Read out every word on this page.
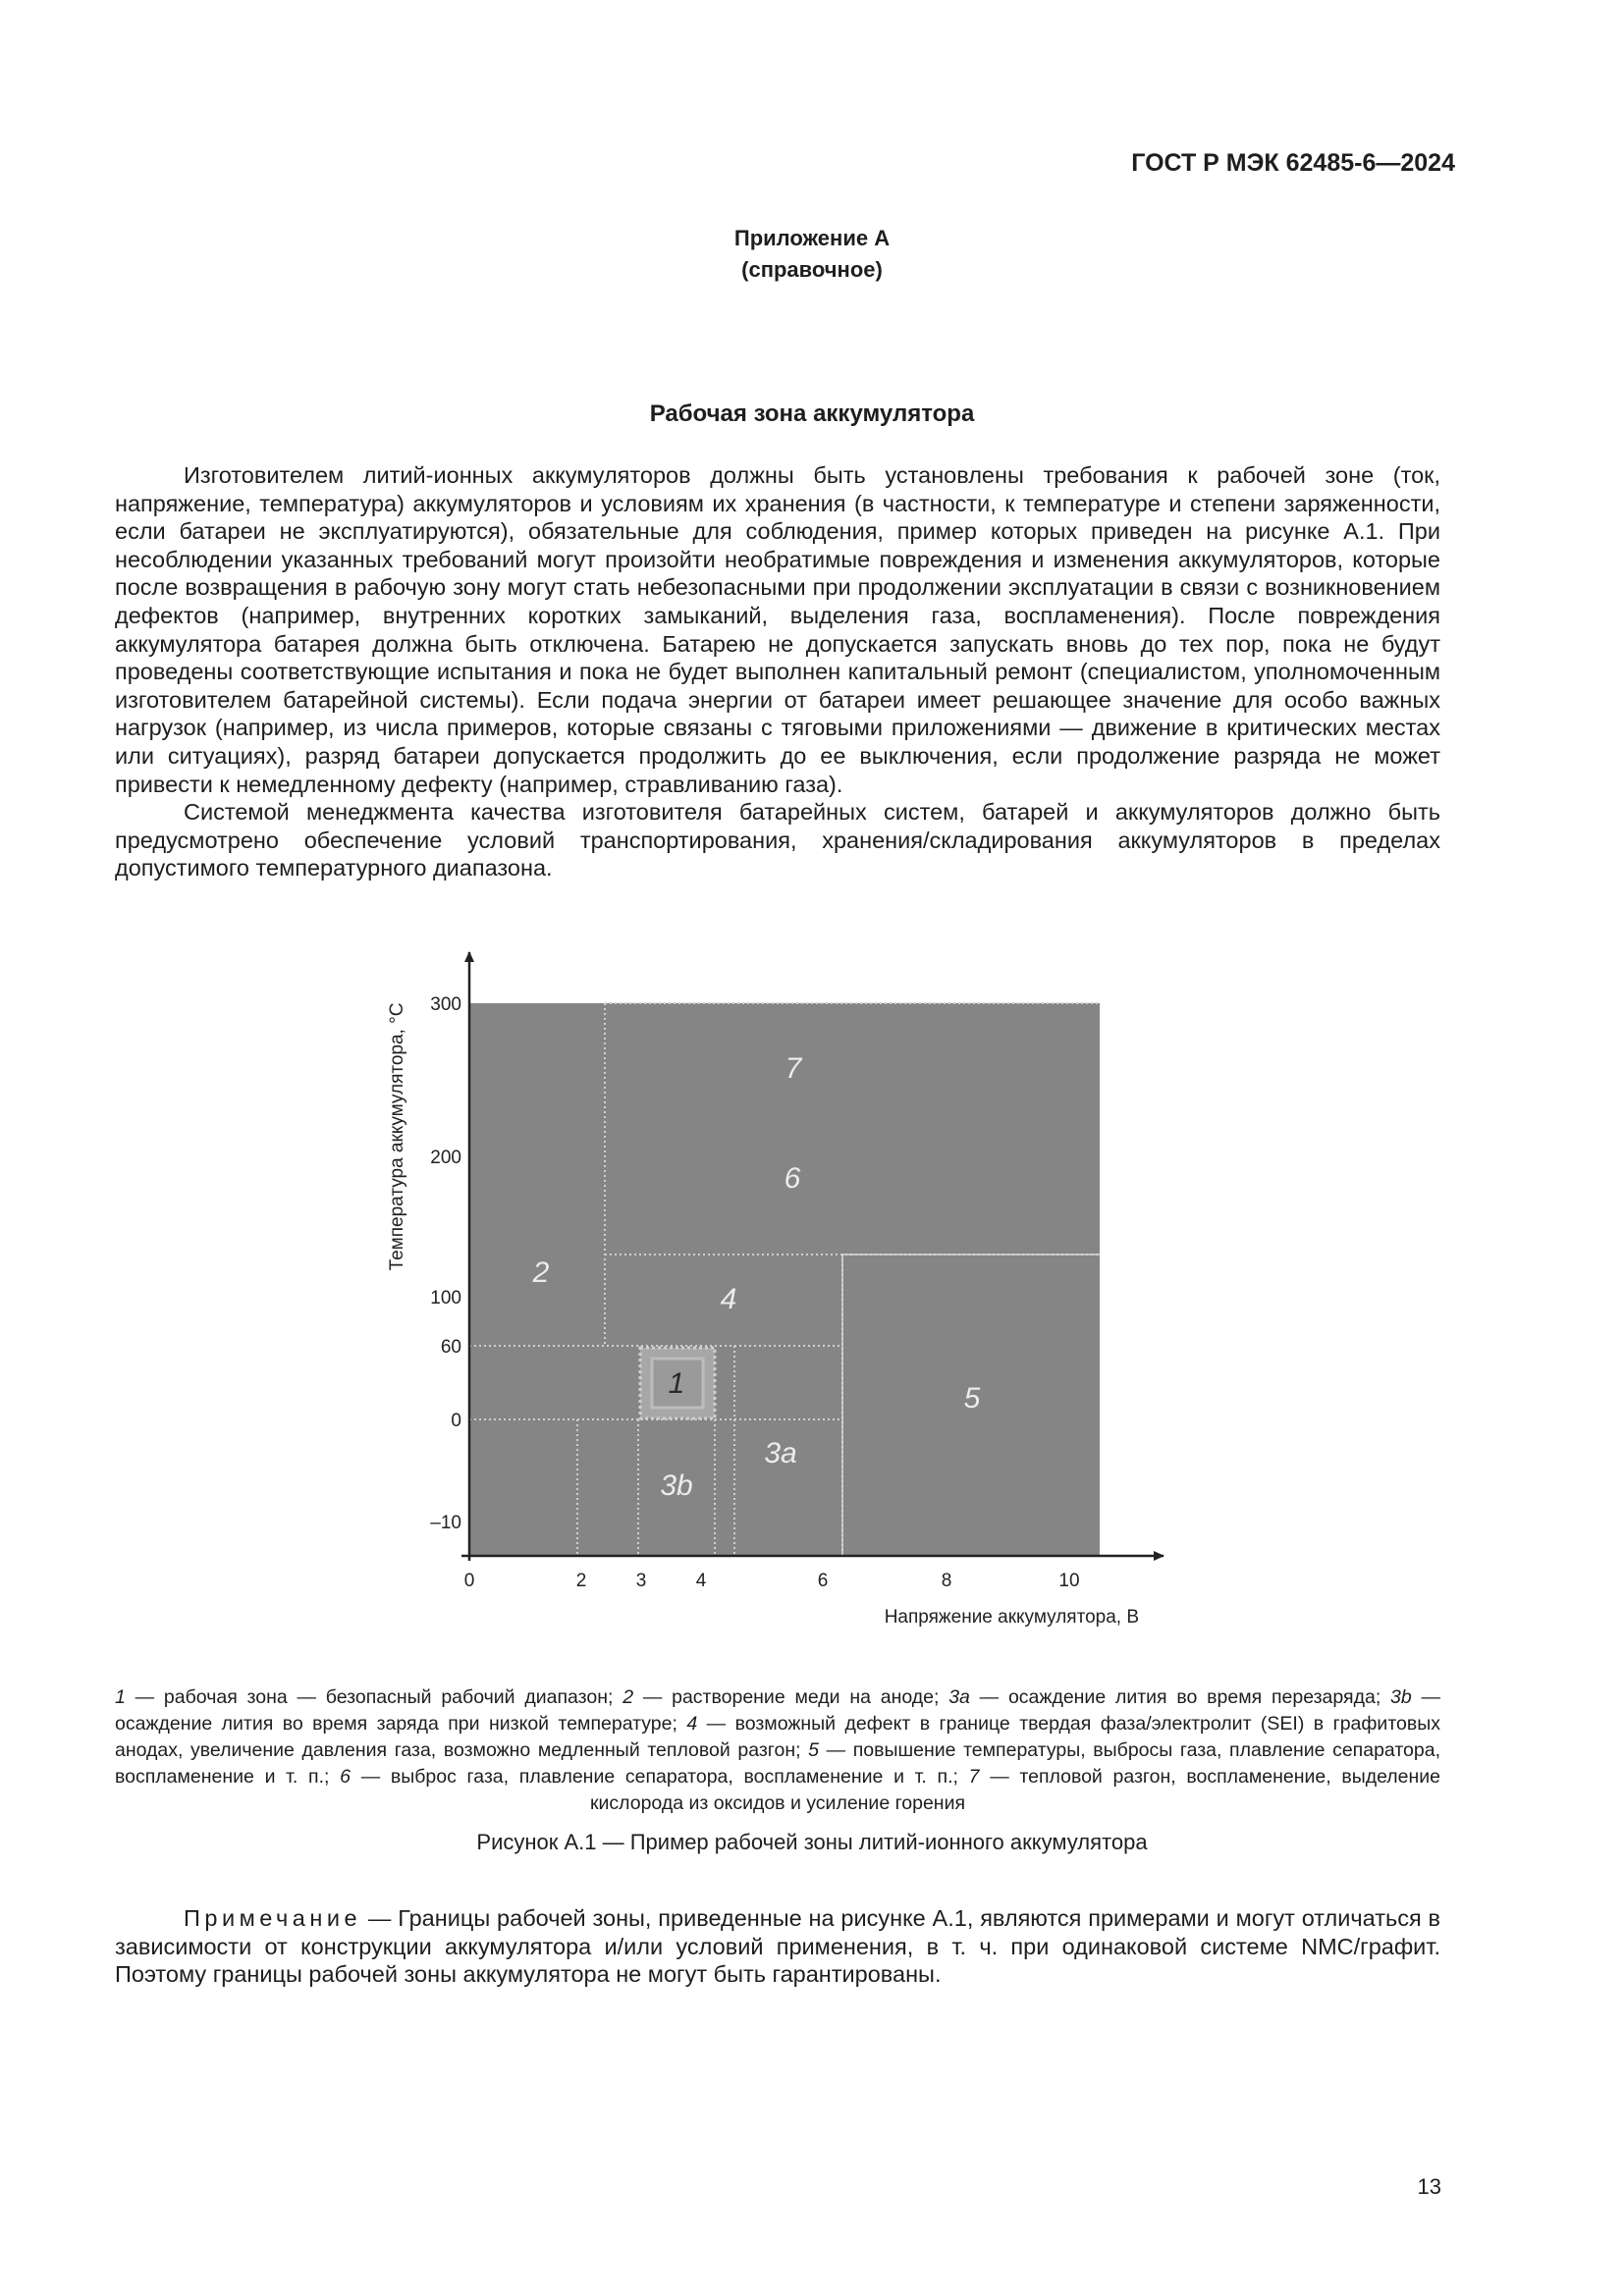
ГОСТ Р МЭК 62485-6—2024
Приложение А
(справочное)
Рабочая зона аккумулятора

Изготовителем литий-ионных аккумуляторов должны быть установлены требования к рабочей зоне (ток, напряжение, температура) аккумуляторов и условиям их хранения (в частности, к температуре и степени заряженности, если батареи не эксплуатируются), обязательные для соблюдения, пример которых приведен на рисунке А.1. При несоблюдении указанных требований могут произойти необратимые повреждения и изменения аккумуляторов, которые после возвращения в рабочую зону могут стать небезопасными при продолжении эксплуатации в связи с возникновением дефектов (например, внутренних коротких замыканий, выделения газа, воспламенения). После повреждения аккумулятора батарея должна быть отключена. Батарею не допускается запускать вновь до тех пор, пока не будут проведены соответствующие испытания и пока не будет выполнен капитальный ремонт (специалистом, уполномоченным изготовителем батарейной системы). Если подача энергии от батареи имеет решающее значение для особо важных нагрузок (например, из числа примеров, которые связаны с тяговыми приложениями — движение в критических местах или ситуациях), разряд батареи допускается продолжить до ее выключения, если продолжение разряда не может привести к немедленному дефекту (например, стравливанию газа).

Системой менеджмента качества изготовителя батарейных систем, батарей и аккумуляторов должно быть предусмотрено обеспечение условий транспортирования, хранения/складирования аккумуляторов в пределах допустимого температурного диапазона.

300
200
100
60
0
–10
0	2	3	4	6	8	10
Температура аккумулятора, °С
Напряжение аккумулятора, В
7
6
2
4
1	5
3a
3b
1 — рабочая зона — безопасный рабочий диапазон; 2 — растворение меди на аноде; 3a — осаждение лития во время перезаряда; 3b — осаждение лития во время заряда при низкой температуре; 4 — возможный дефект в границе твердая фаза/электролит (SEI) в графитовых анодах, увеличение давления газа, возможно медленный тепловой разгон; 5 — повышение температуры, выбросы газа, плавление сепаратора, воспламенение и т. п.; 6 — выброс газа, плавление сепаратора, воспламенение и т. п.; 7 — тепловой разгон, воспламенение, выделение кислорода из оксидов и усиление горения
Рисунок А.1 — Пример рабочей зоны литий-ионного аккумулятора
Примечание — Границы рабочей зоны, приведенные на рисунке А.1, являются примерами и могут отличаться в зависимости от конструкции аккумулятора и/или условий применения, в т. ч. при одинаковой системе NMC/графит. Поэтому границы рабочей зоны аккумулятора не могут быть гарантированы.
13
